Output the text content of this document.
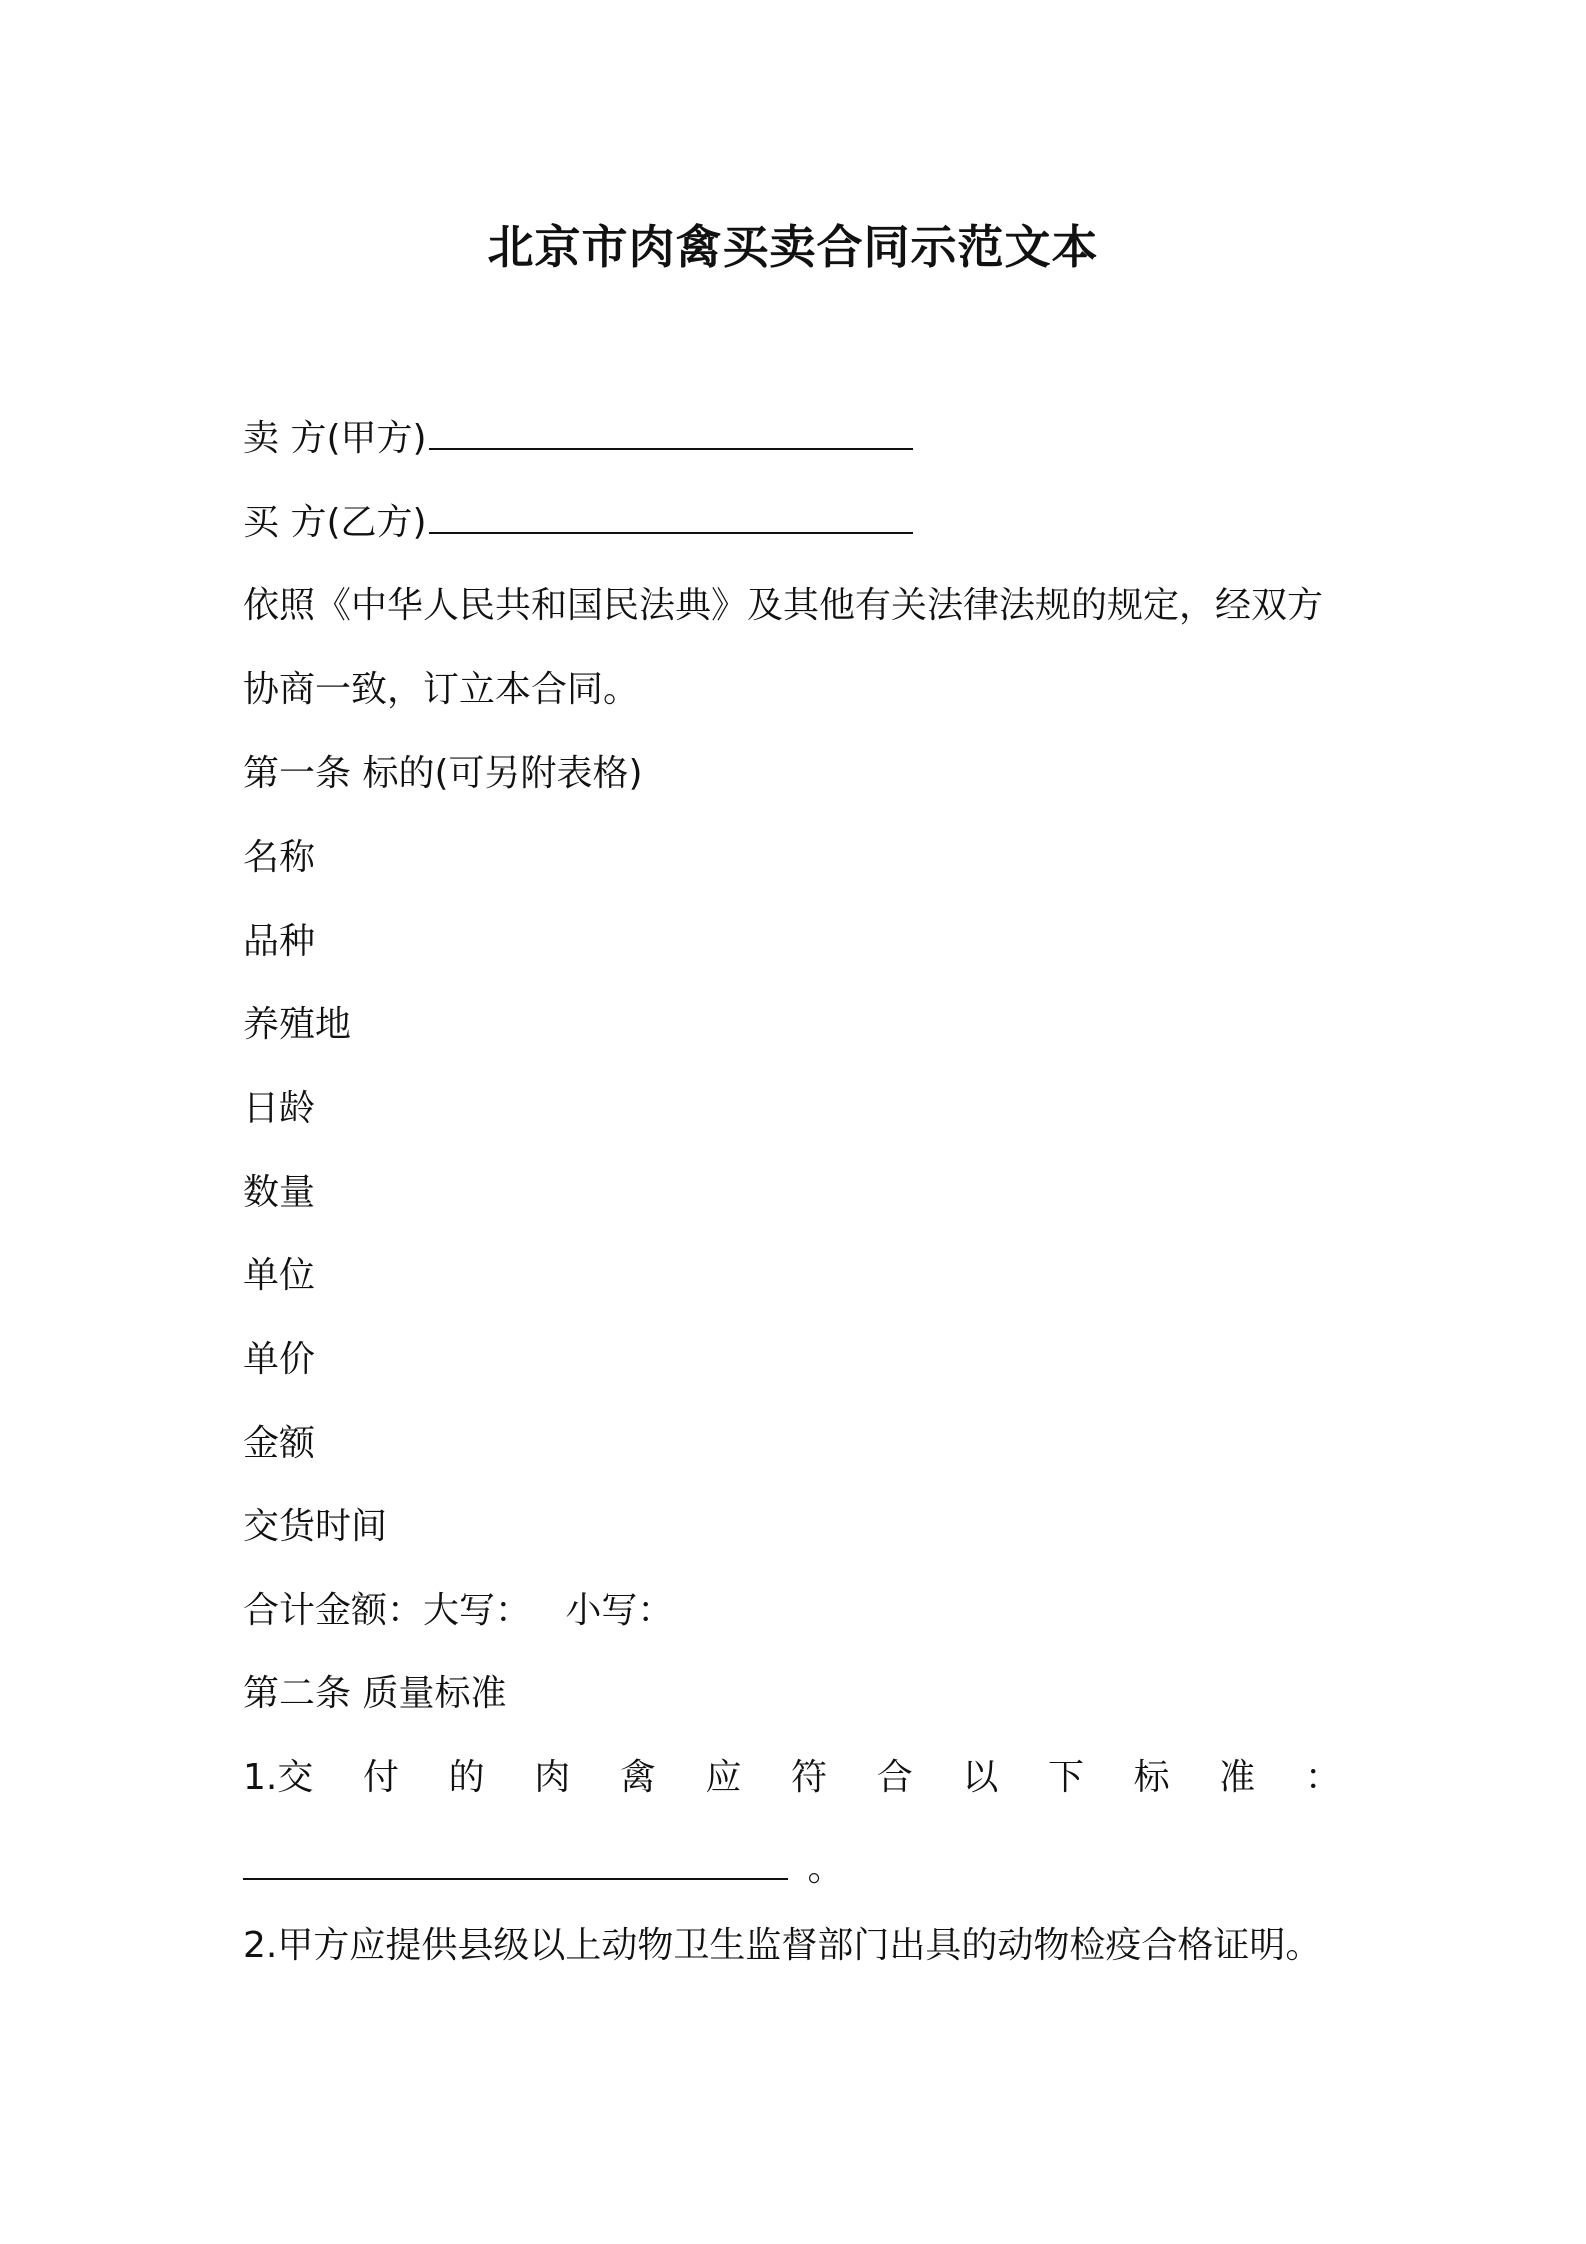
北京市肉禽买卖合同示范文本
卖 方(甲方)
买 方(乙方)
依照《中华人民共和国民法典》及其他有关法律法规的规定，经双方
协商一致，订立本合同。
第一条 标的(可另附表格)
名称
品种
养殖地
日龄
数量
单位
单价
金额
交货时间
合计金额：大写：   小写：
第二条 质量标准
1.交 付 的 肉 禽 应 符 合 以 下 标 准 ：
。
2.甲方应提供县级以上动物卫生监督部门出具的动物检疫合格证明。
